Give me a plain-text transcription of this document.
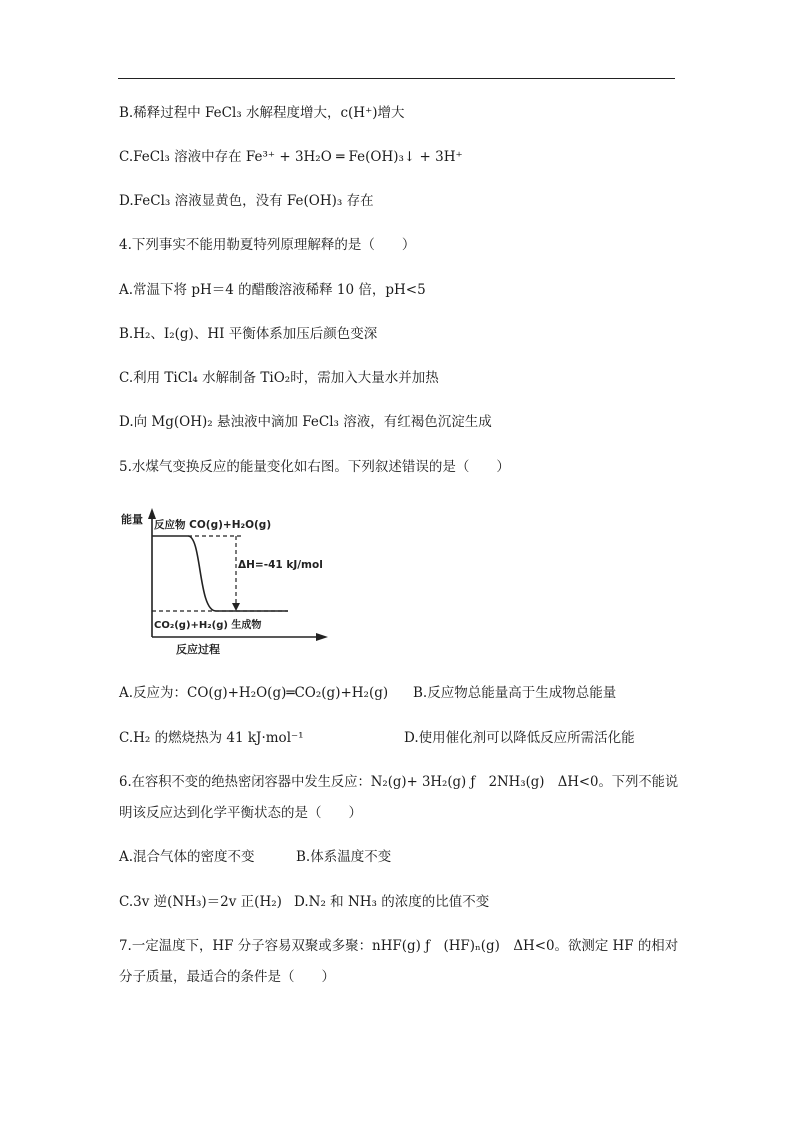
B.稀释过程中 FeCl₃ 水解程度增大，c(H⁺)增大
C.FeCl₃ 溶液中存在 Fe³⁺ + 3H₂O ═ Fe(OH)₃↓ + 3H⁺
D.FeCl₃ 溶液显黄色，没有 Fe(OH)₃ 存在
4.下列事实不能用勒夏特列原理解释的是（　　）
A.常温下将 pH＝4 的醋酸溶液稀释 10 倍，pH<5
B.H₂、I₂(g)、HI 平衡体系加压后颜色变深
C.利用 TiCl₄ 水解制备 TiO₂时，需加入大量水并加热
D.向 Mg(OH)₂ 悬浊液中滴加 FeCl₃ 溶液，有红褐色沉淀生成
5.水煤气变换反应的能量变化如右图。下列叙述错误的是（　　）
能量
反应过程
反应物 CO(g)+H₂O(g)
CO₂(g)+H₂(g) 生成物
ΔH=-41 kJ/mol
A.反应为：CO(g)+H₂O(g)═CO₂(g)+H₂(g) B.反应物总能量高于生成物总能量
C.H₂ 的燃烧热为 41 kJ·mol⁻¹	D.使用催化剂可以降低反应所需活化能
6.在容积不变的绝热密闭容器中发生反应：N₂(g)+ 3H₂(g) ƒ　2NH₃(g)　ΔH<0。下列不能说
明该反应达到化学平衡状态的是（　　）
A.混合气体的密度不变	B.体系温度不变
C.3v 逆(NH₃)＝2v 正(H₂) D.N₂ 和 NH₃ 的浓度的比值不变
7.一定温度下，HF 分子容易双聚或多聚：nHF(g) ƒ　(HF)ₙ(g)　ΔH<0。欲测定 HF 的相对
分子质量，最适合的条件是（　　）
